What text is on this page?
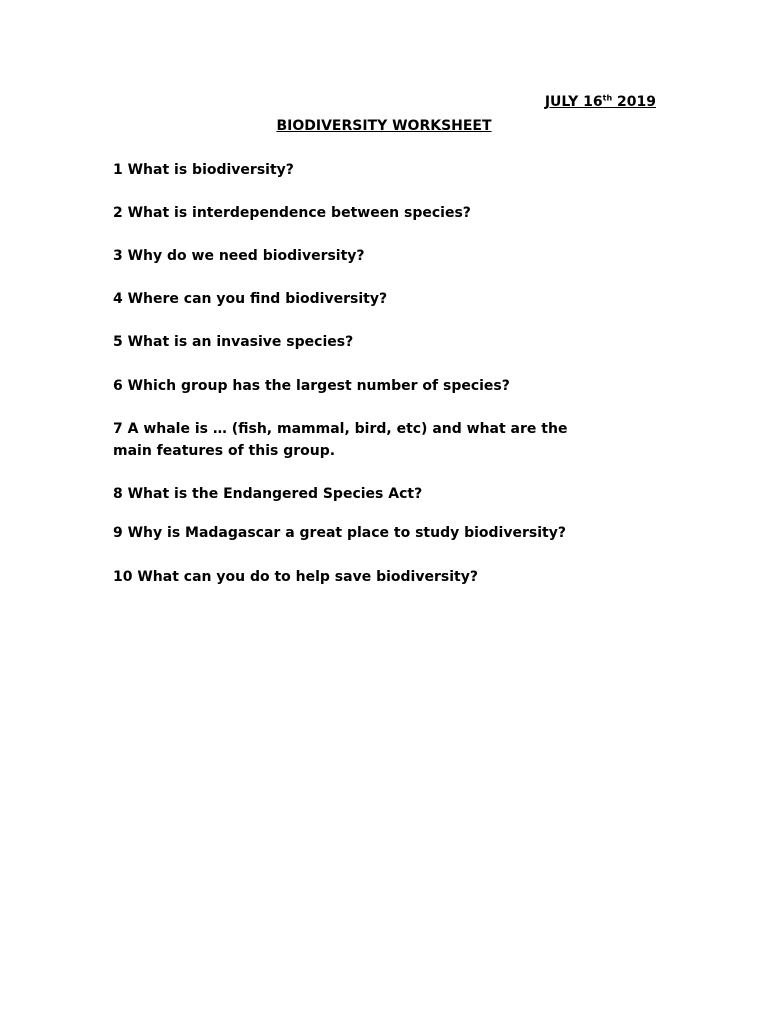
JULY 16th 2019
BIODIVERSITY WORKSHEET
1 What is biodiversity?
2 What is interdependence between species?
3 Why do we need biodiversity?
4 Where can you find biodiversity?
5 What is an invasive species?
6 Which group has the largest number of species?
7 A whale is … (fish, mammal, bird, etc) and what are the main features of this group.
8 What is the Endangered Species Act?
9 Why is Madagascar a great place to study biodiversity?
10 What can you do to help save biodiversity?
